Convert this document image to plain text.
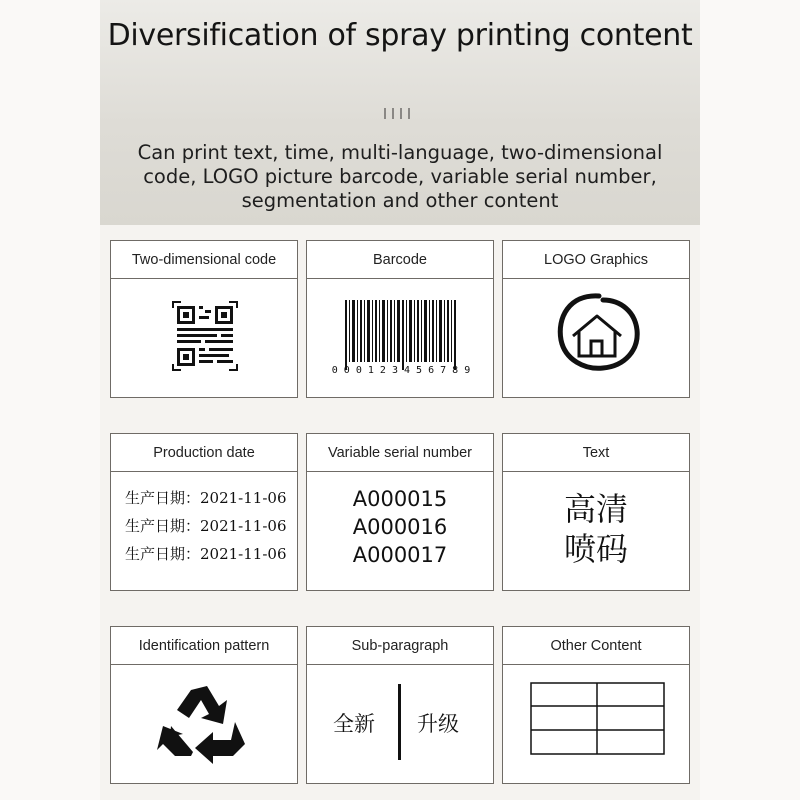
Diversification of spray printing content
Can print text, time, multi-language, two-dimensional
code, LOGO picture barcode, variable serial number,
segmentation and other content
Two-dimensional code	Barcode
0 0 0 1 2 3 4 5 6 7 8 9
LOGO Graphics
Production date
生产日期：2021-11-06
生产日期：2021-11-06
生产日期：2021-11-06
Variable serial number
A000015
A000016
A000017
Text
高清
喷码
Identification pattern	Sub-paragraph
全新 升级
Other Content
